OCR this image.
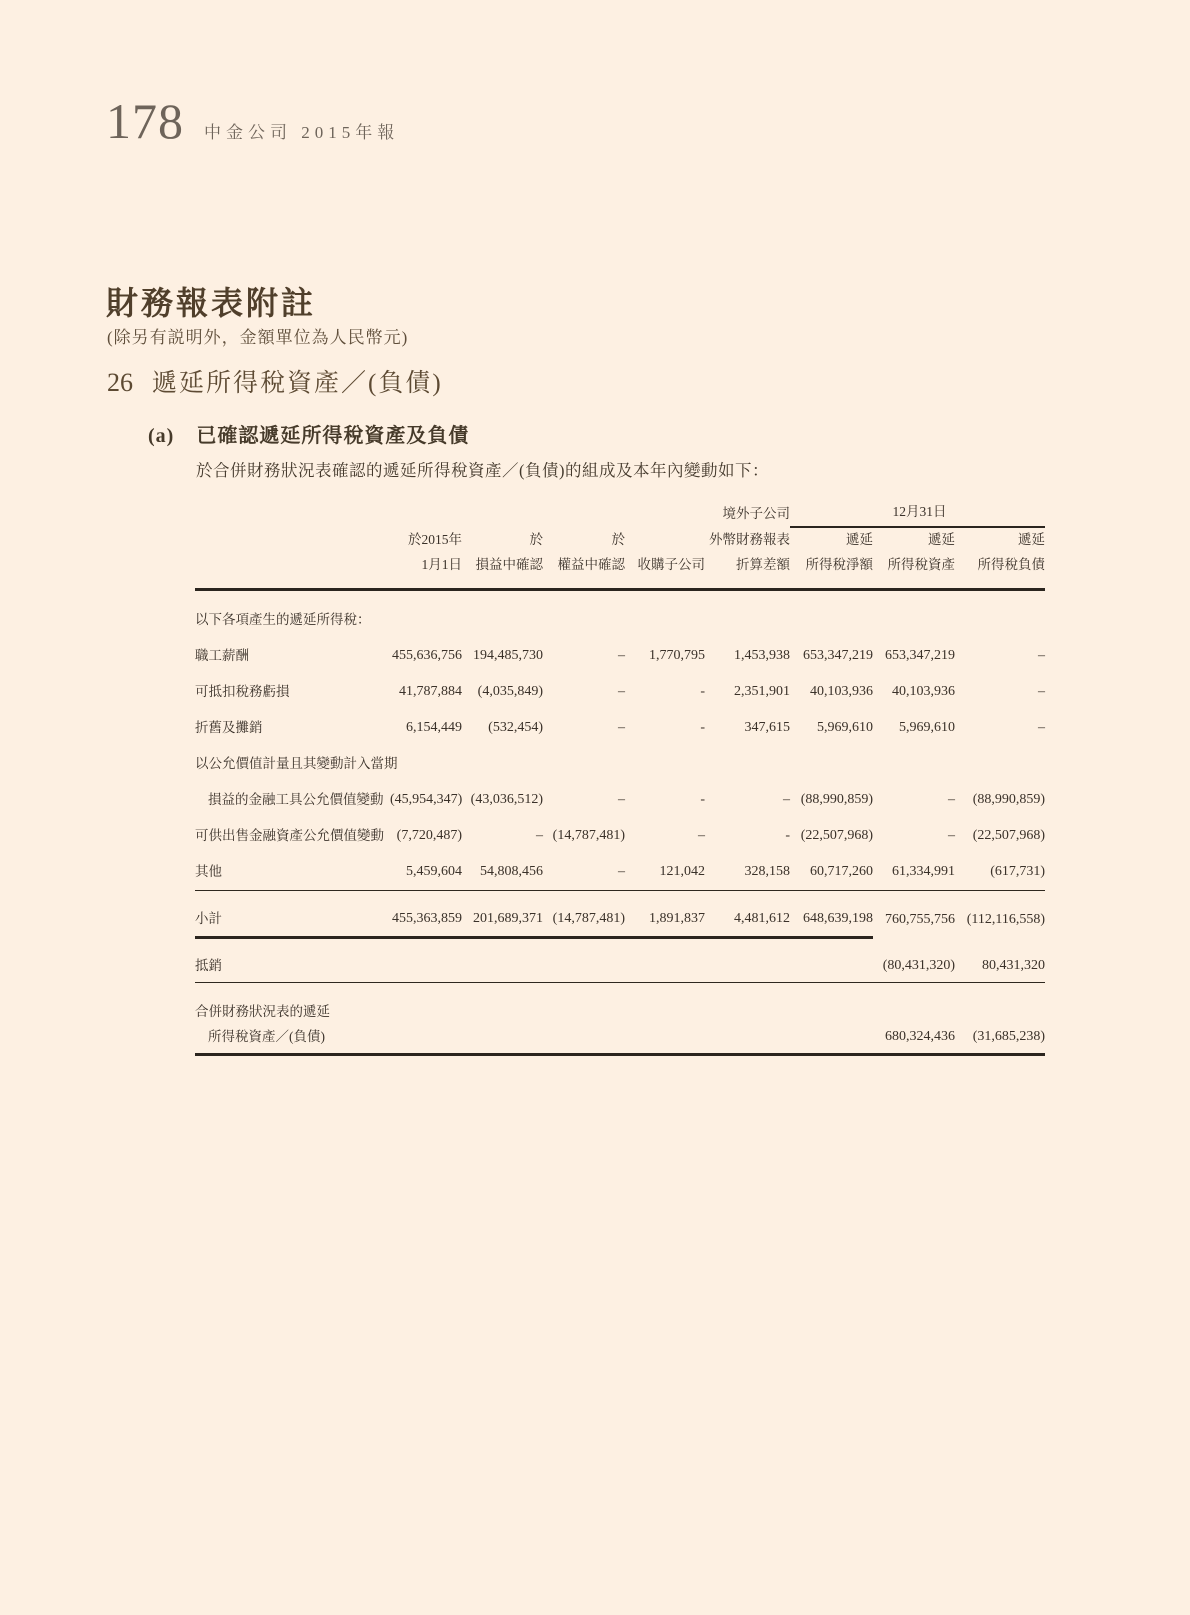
178 中金公司 2015年報
財務報表附註

(除另有説明外，金額單位為人民幣元)

26 遞延所得稅資產／(負債)
(a) 已確認遞延所得稅資產及負債

於合併財務狀況表確認的遞延所得稅資產／(負債)的組成及本年內變動如下：

					境外子公司	12月31日		
	於2015年	於	於		外幣財務報表	遞延	遞延	遞延
	1月1日	損益中確認	權益中確認	收購子公司	折算差額	所得稅淨額	所得稅資產	所得稅負債
以下各項產生的遞延所得稅：								
職工薪酬	455,636,756	194,485,730	–	1,770,795	1,453,938	653,347,219	653,347,219	–
可抵扣稅務虧損	41,787,884	(4,035,849)	–	-	2,351,901	40,103,936	40,103,936	–
折舊及攤銷	6,154,449	(532,454)	–	-	347,615	5,969,610	5,969,610	–
以公允價值計量且其變動計入當期								
損益的金融工具公允價值變動	(45,954,347)	(43,036,512)	–	-	–	(88,990,859)	–	(88,990,859)
可供出售金融資產公允價值變動	(7,720,487)	–	(14,787,481)	–	-	(22,507,968)	–	(22,507,968)
其他	5,459,604	54,808,456	–	121,042	328,158	60,717,260	61,334,991	(617,731)
小計	455,363,859	201,689,371	(14,787,481)	1,891,837	4,481,612	648,639,198	760,755,756	(112,116,558)
抵銷							(80,431,320)	80,431,320
合併財務狀況表的遞延								
所得稅資產／(負債)							680,324,436	(31,685,238)
